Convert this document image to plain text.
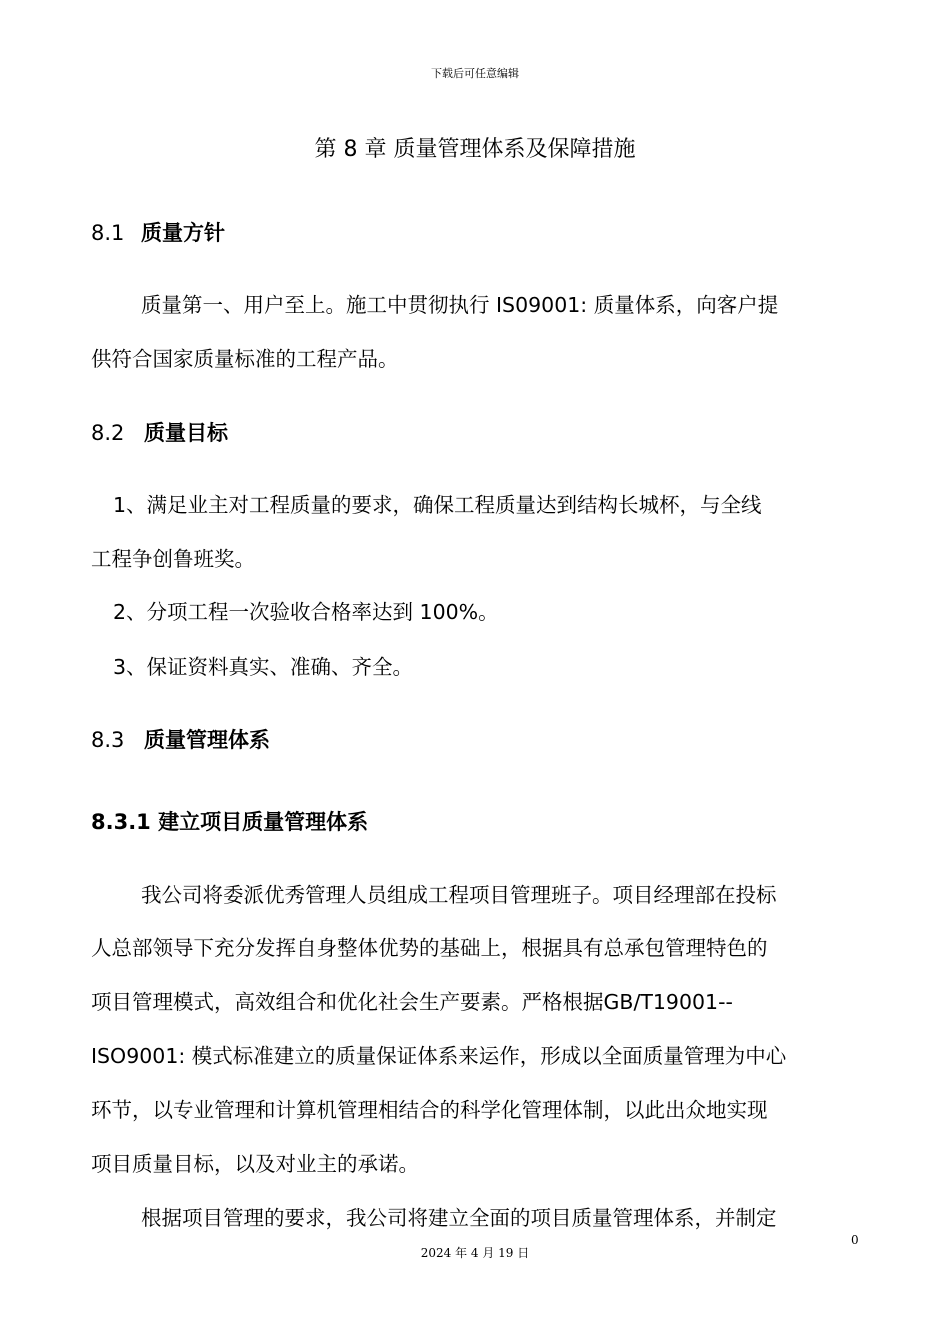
下载后可任意编辑
第 8 章 质量管理体系及保障措施
8.1 质量方针
质量第一、用户至上。施工中贯彻执行 IS09001: 质量体系，向客户提
供符合国家质量标准的工程产品。
8.2 质量目标
1、满足业主对工程质量的要求，确保工程质量达到结构长城杯，与全线
工程争创鲁班奖。
2、分项工程一次验收合格率达到 100%。
3、保证资料真实、准确、齐全。
8.3 质量管理体系
8.3.1 建立项目质量管理体系
我公司将委派优秀管理人员组成工程项目管理班子。项目经理部在投标
人总部领导下充分发挥自身整体优势的基础上，根据具有总承包管理特色的
项目管理模式，高效组合和优化社会生产要素。严格根据GB/T19001--
ISO9001: 模式标准建立的质量保证体系来运作，形成以全面质量管理为中心
环节，以专业管理和计算机管理相结合的科学化管理体制，以此出众地实现
项目质量目标，以及对业主的承诺。
根据项目管理的要求，我公司将建立全面的项目质量管理体系，并制定
0
2024 年 4 月 19 日
